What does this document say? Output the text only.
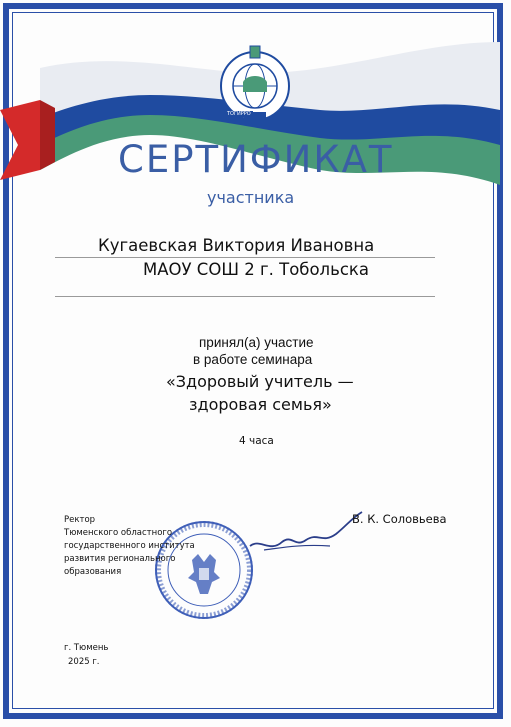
ТОГИРРО
СЕРТИФИКАТ
участника
Кугаевская Виктория Ивановна
МАОУ СОШ 2 г. Тобольска
принял(а) участие
в работе семинара
«Здоровый учитель —
здоровая семья»
4 часа
Ректор
Тюменского областного
государственного института
развития регионального
образования
В. К. Соловьева
г. Тюмень
2025 г.
